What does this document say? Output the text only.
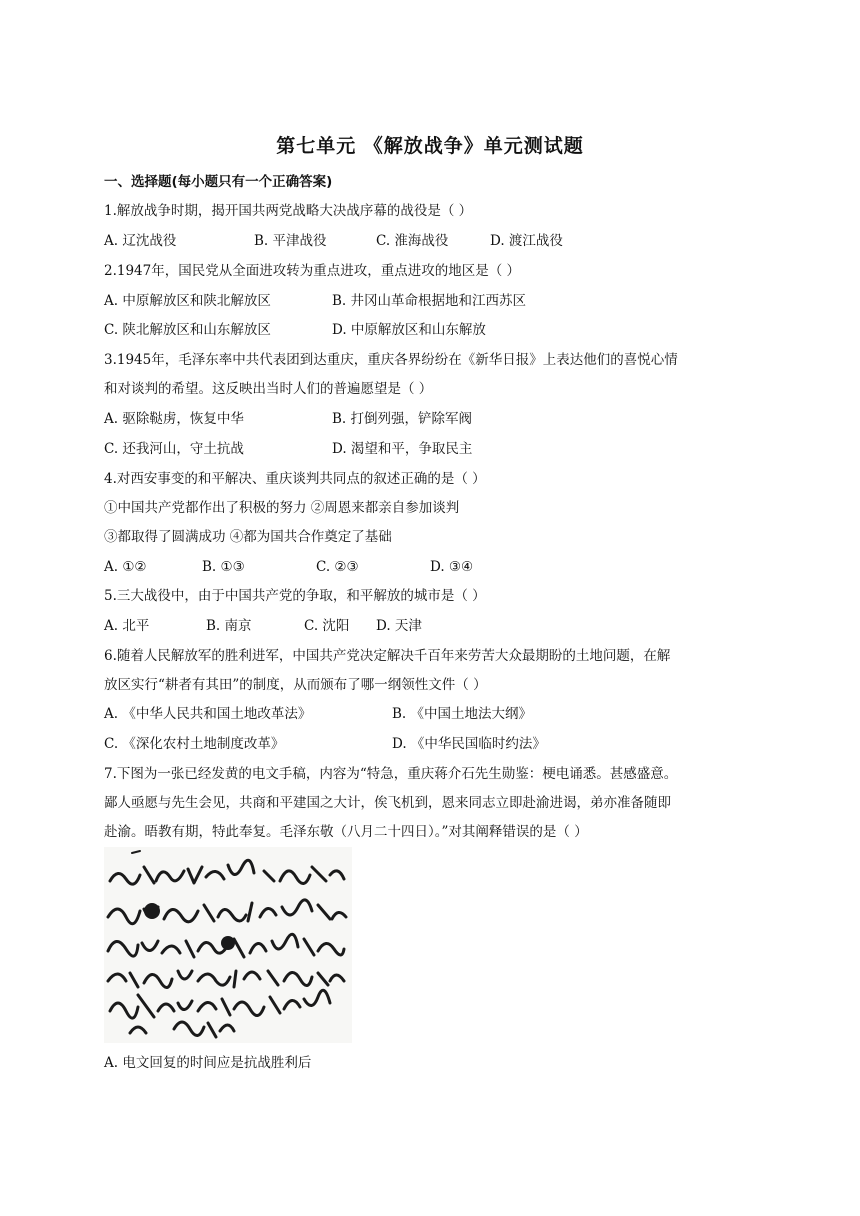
第七单元 《解放战争》单元测试题
一、选择题(每小题只有一个正确答案)
1.解放战争时期，揭开国共两党战略大决战序幕的战役是（ ）
A. 辽沈战役	B. 平津战役	C. 淮海战役	D. 渡江战役
2.1947年，国民党从全面进攻转为重点进攻，重点进攻的地区是（ ）
A. 中原解放区和陕北解放区	B. 井冈山革命根据地和江西苏区
C. 陕北解放区和山东解放区	D. 中原解放区和山东解放
3.1945年，毛泽东率中共代表团到达重庆，重庆各界纷纷在《新华日报》上表达他们的喜悦心情
和对谈判的希望。这反映出当时人们的普遍愿望是（ ）
A. 驱除鞑虏，恢复中华	B. 打倒列强，铲除军阀
C. 还我河山，守土抗战	D. 渴望和平，争取民主
4.对西安事变的和平解决、重庆谈判共同点的叙述正确的是（ ）
①中国共产党都作出了积极的努力 ②周恩来都亲自参加谈判
③都取得了圆满成功 ④都为国共合作奠定了基础
A. ①②	B. ①③	C. ②③	D. ③④
5.三大战役中，由于中国共产党的争取，和平解放的城市是（ ）
A. 北平	B. 南京	C. 沈阳 D. 天津
6.随着人民解放军的胜利进军，中国共产党决定解决千百年来劳苦大众最期盼的土地问题，在解
放区实行“耕者有其田”的制度，从而颁布了哪一纲领性文件（ ）
A. 《中华人民共和国土地改革法》	B. 《中国土地法大纲》
C. 《深化农村土地制度改革》	D. 《中华民国临时约法》
7.下图为一张已经发黄的电文手稿，内容为“特急，重庆蒋介石先生勋鉴：梗电诵悉。甚感盛意。
鄙人亟愿与先生会见，共商和平建国之大计，俟飞机到，恩来同志立即赴渝进谒，弟亦准备随即
赴渝。晤教有期，特此奉复。毛泽东敬（八月二十四日）。”对其阐释错误的是（ ）
A. 电文回复的时间应是抗战胜利后
